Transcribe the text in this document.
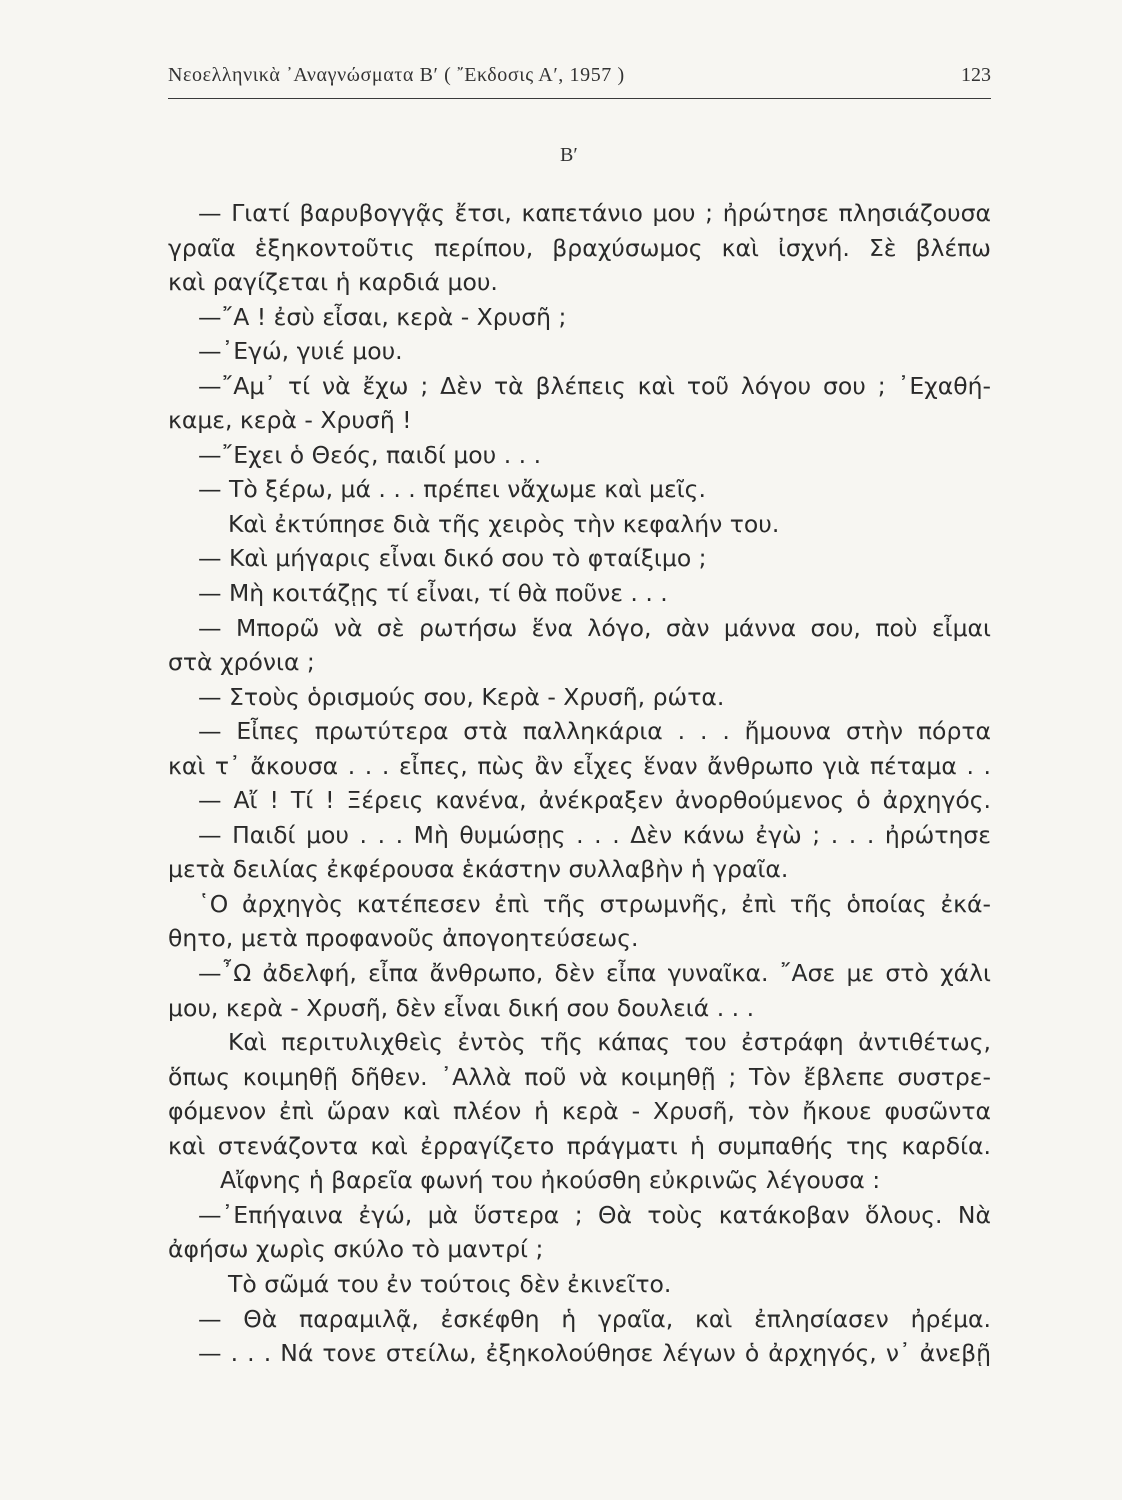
Νεοελληνικὰ ᾿Αναγνώσματα Β′ ( ῎Εκδοσις Α′, 1957 )	123
Β′
— Γιατί βαρυβογγᾷς ἔτσι, καπετάνιο μου ; ἠρώτησε πλησιάζουσα
γραῖα ἑξηκοντοῦτις περίπου, βραχύσωμος καὶ ἰσχνή. Σὲ βλέπω
καὶ ραγίζεται ἡ καρδιά μου.
—῎Α ! ἐσὺ εἶσαι, κερὰ - Χρυσῆ ;
—᾿Εγώ, γυιέ μου.
—῎Αμ᾿ τί νὰ ἔχω ; Δὲν τὰ βλέπεις καὶ τοῦ λόγου σου ; ᾿Εχαθή-
καμε, κερὰ - Χρυσῆ !
—῎Εχει ὁ Θεός, παιδί μου . . .
— Τὸ ξέρω, μά . . . πρέπει νἄχωμε καὶ μεῖς.
Καὶ ἐκτύπησε διὰ τῆς χειρὸς τὴν κεφαλήν του.
— Καὶ μήγαρις εἶναι δικό σου τὸ φταίξιμο ;
— Μὴ κοιτάζῃς τί εἶναι, τί θὰ ποῦνε . . .
— Μπορῶ νὰ σὲ ρωτήσω ἕνα λόγο, σὰν μάννα σου, ποὺ εἶμαι
στὰ χρόνια ;
— Στοὺς ὁρισμούς σου, Κερὰ - Χρυσῆ, ρώτα.
— Εἶπες πρωτύτερα στὰ παλληκάρια . . . ἤμουνα στὴν πόρτα
καὶ τ᾿ ἄκουσα . . . εἶπες, πὼς ἂν εἶχες ἕναν ἄνθρωπο γιὰ πέταμα . .
— Αἴ ! Τί ! Ξέρεις κανένα, ἀνέκραξεν ἀνορθούμενος ὁ ἀρχηγός.
— Παιδί μου . . . Μὴ θυμώσῃς . . . Δὲν κάνω ἐγὼ ; . . . ἠρώτησε
μετὰ δειλίας ἐκφέρουσα ἑκάστην συλλαβὴν ἡ γραῖα.
῾Ο ἀρχηγὸς κατέπεσεν ἐπὶ τῆς στρωμνῆς, ἐπὶ τῆς ὁποίας ἐκά-
θητο, μετὰ προφανοῦς ἀπογοητεύσεως.
—῏Ω ἀδελφή, εἶπα ἄνθρωπο, δὲν εἶπα γυναῖκα. ῎Ασε με στὸ χάλι
μου, κερὰ - Χρυσῆ, δὲν εἶναι δική σου δουλειά . . .
Καὶ περιτυλιχθεὶς ἐντὸς τῆς κάπας του ἐστράφη ἀντιθέτως,
ὅπως κοιμηθῇ δῆθεν. ᾿Αλλὰ ποῦ νὰ κοιμηθῇ ; Τὸν ἔβλεπε συστρε-
φόμενον ἐπὶ ὥραν καὶ πλέον ἡ κερὰ - Χρυσῆ, τὸν ἤκουε φυσῶντα
καὶ στενάζοντα καὶ ἐρραγίζετο πράγματι ἡ συμπαθής της καρδία.
Αἴφνης ἡ βαρεῖα φωνή του ἠκούσθη εὐκρινῶς λέγουσα :
—᾿Επήγαινα ἐγώ, μὰ ὕστερα ; Θὰ τοὺς κατάκοβαν ὅλους. Νὰ
ἀφήσω χωρὶς σκύλο τὸ μαντρί ;
Τὸ σῶμά του ἐν τούτοις δὲν ἐκινεῖτο.
— Θὰ παραμιλᾷ, ἐσκέφθη ἡ γραῖα, καὶ ἐπλησίασεν ἠρέμα.
— . . . Νά τονε στείλω, ἐξηκολούθησε λέγων ὁ ἀρχηγός, ν᾿ ἀνεβῇ
